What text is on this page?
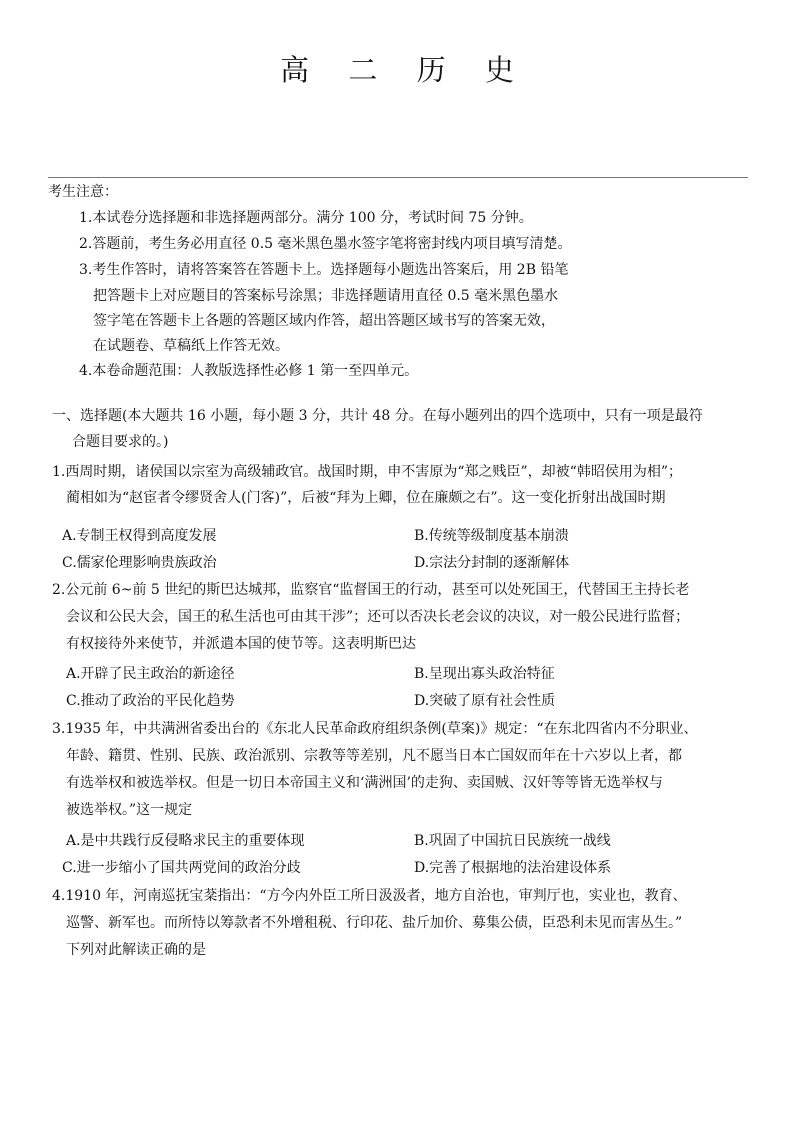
高 二 历 史
考生注意：
1.本试卷分选择题和非选择题两部分。满分 100 分，考试时间 75 分钟。
2.答题前，考生务必用直径 0.5 毫米黑色墨水签字笔将密封线内项目填写清楚。
3.考生作答时，请将答案答在答题卡上。选择题每小题选出答案后，用 2B 铅笔
把答题卡上对应题目的答案标号涂黑；非选择题请用直径 0.5 毫米黑色墨水
签字笔在答题卡上各题的答题区域内作答，超出答题区域书写的答案无效，
在试题卷、草稿纸上作答无效。
4.本卷命题范围：人教版选择性必修 1 第一至四单元。
一、选择题(本大题共 16 小题，每小题 3 分，共计 48 分。在每小题列出的四个选项中，只有一项是最符
合题目要求的。)
1.西周时期，诸侯国以宗室为高级辅政官。战国时期，申不害原为“郑之贱臣”，却被“韩昭侯用为相”；
蔺相如为“赵宦者令缪贤舍人(门客)”，后被“拜为上卿，位在廉颇之右”。这一变化折射出战国时期
A.专制王权得到高度发展	B.传统等级制度基本崩溃
C.儒家伦理影响贵族政治	D.宗法分封制的逐渐解体
2.公元前 6~前 5 世纪的斯巴达城邦，监察官“监督国王的行动，甚至可以处死国王，代替国王主持长老
会议和公民大会，国王的私生活也可由其干涉”；还可以否决长老会议的决议，对一般公民进行监督；
有权接待外来使节，并派遣本国的使节等。这表明斯巴达
A.开辟了民主政治的新途径	B.呈现出寡头政治特征
C.推动了政治的平民化趋势	D.突破了原有社会性质
3.1935 年，中共满洲省委出台的《东北人民革命政府组织条例(草案)》规定：“在东北四省内不分职业、
年龄、籍贯、性别、民族、政治派别、宗教等等差别，凡不愿当日本亡国奴而年在十六岁以上者，都
有选举权和被选举权。但是一切日本帝国主义和‘满洲国’的走狗、卖国贼、汉奸等等皆无选举权与
被选举权。”这一规定
A.是中共践行反侵略求民主的重要体现	B.巩固了中国抗日民族统一战线
C.进一步缩小了国共两党间的政治分歧	D.完善了根据地的法治建设体系
4.1910 年，河南巡抚宝棻指出：“方今内外臣工所日汲汲者，地方自治也，审判厅也，实业也，教育、
巡警、新军也。而所恃以筹款者不外增租税、行印花、盐斤加价、募集公债，臣恐利未见而害丛生。”
下列对此解读正确的是
